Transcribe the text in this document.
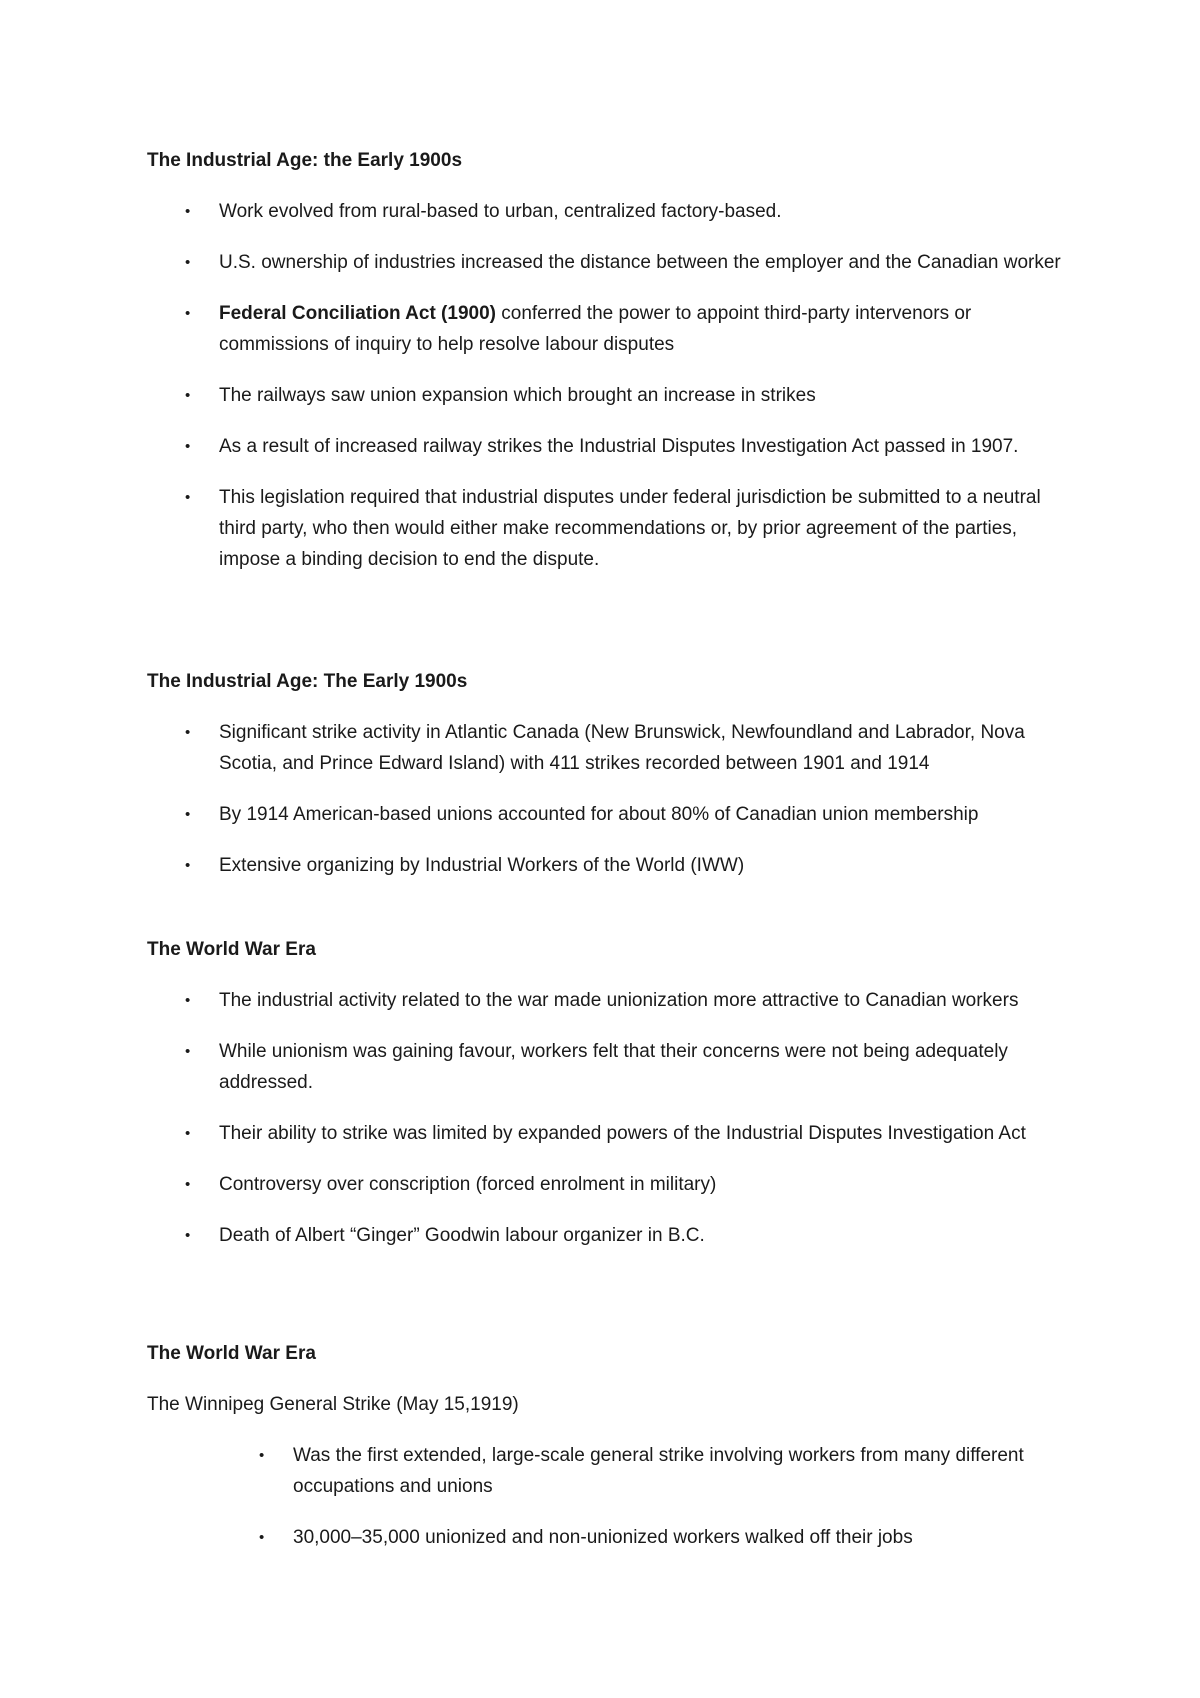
The Industrial Age: the Early 1900s

• Work evolved from rural-based to urban, centralized factory-based.
• U.S. ownership of industries increased the distance between the employer and the Canadian worker
• Federal Conciliation Act (1900) conferred the power to appoint third-party intervenors or commissions of inquiry to help resolve labour disputes
• The railways saw union expansion which brought an increase in strikes
• As a result of increased railway strikes the Industrial Disputes Investigation Act passed in 1907.
• This legislation required that industrial disputes under federal jurisdiction be submitted to a neutral third party, who then would either make recommendations or, by prior agreement of the parties, impose a binding decision to end the dispute.

The Industrial Age: The Early 1900s

• Significant strike activity in Atlantic Canada (New Brunswick, Newfoundland and Labrador, Nova Scotia, and Prince Edward Island) with 411 strikes recorded between 1901 and 1914
• By 1914 American-based unions accounted for about 80% of Canadian union membership
• Extensive organizing by Industrial Workers of the World (IWW)

The World War Era

• The industrial activity related to the war made unionization more attractive to Canadian workers
• While unionism was gaining favour, workers felt that their concerns were not being adequately addressed.
• Their ability to strike was limited by expanded powers of the Industrial Disputes Investigation Act
• Controversy over conscription (forced enrolment in military)
• Death of Albert “Ginger” Goodwin labour organizer in B.C.

The World War Era

The Winnipeg General Strike (May 15,1919)

• Was the first extended, large-scale general strike involving workers from many different occupations and unions
• 30,000–35,000 unionized and non-unionized workers walked off their jobs
